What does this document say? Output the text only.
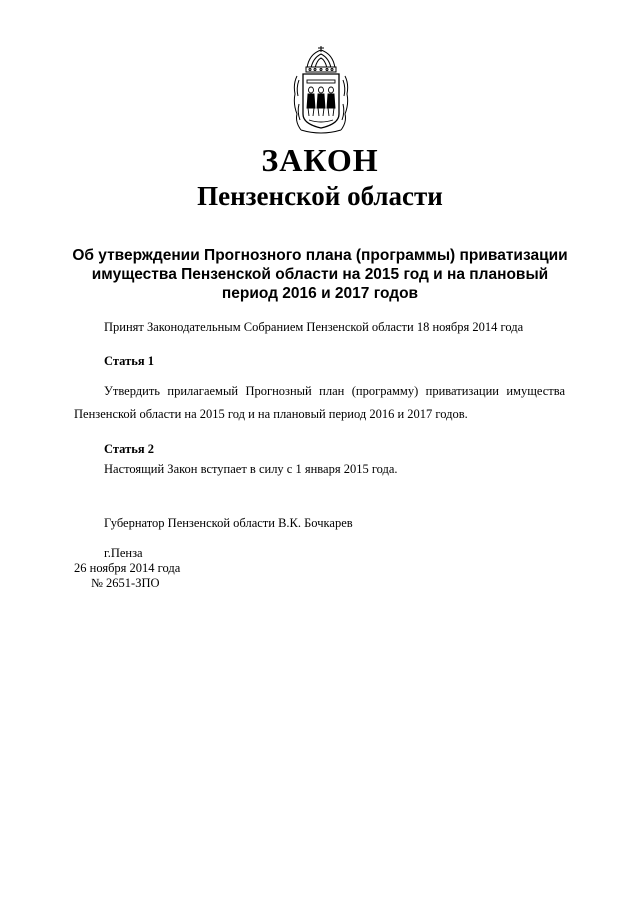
ЗАКОН
Пензенской области
Об утверждении Прогнозного плана (программы) приватизации
имущества Пензенской области на 2015 год и на плановый
период 2016 и 2017 годов
Принят Законодательным Собранием Пензенской области 18 ноября 2014 года
Статья 1
Утвердить прилагаемый Прогнозный план (программу) приватизации имущества
Пензенской области на 2015 год и на плановый период 2016 и 2017 годов.
Статья 2
Настоящий Закон вступает в силу с 1 января 2015 года.
Губернатор Пензенской области В.К. Бочкарев
г.Пенза
26 ноября 2014 года
№ 2651-ЗПО
